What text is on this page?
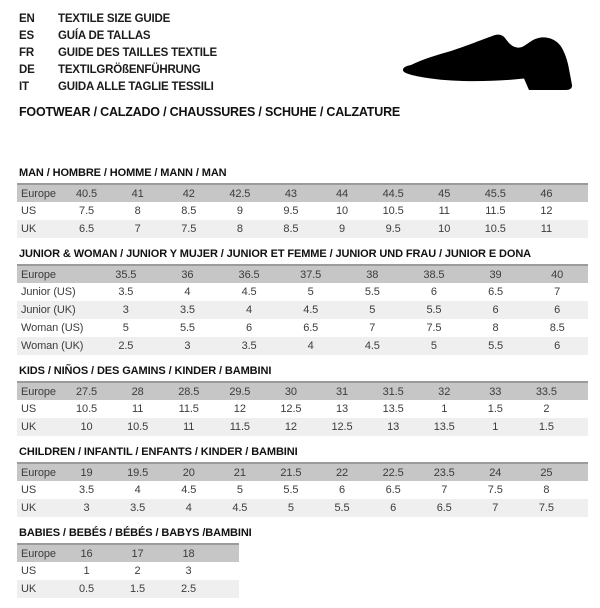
EN	TEXTILE SIZE GUIDE
ES	GUÍA DE TALLAS
FR	GUIDE DES TAILLES TEXTILE
DE	TEXTILGRÖßENFÜHRUNG
IT	GUIDA ALLE TAGLIE TESSILI
FOOTWEAR / CALZADO / CHAUSSURES / SCHUHE / CALZATURE
MAN / HOMBRE / HOMME / MANN / MAN
Europe	40.5	41	42	42.5	43	44	44.5	45	45.5	46	
US	7.5	8	8.5	9	9.5	10	10.5	11	11.5	12	
UK	6.5	7	7.5	8	8.5	9	9.5	10	10.5	11	
JUNIOR & WOMAN / JUNIOR Y MUJER / JUNIOR ET FEMME / JUNIOR UND FRAU / JUNIOR E DONA
Europe	35.5	36	36.5	37.5	38	38.5	39	40
Junior (US)	3.5	4	4.5	5	5.5	6	6.5	7
Junior (UK)	3	3.5	4	4.5	5	5.5	6	6
Woman (US)	5	5.5	6	6.5	7	7.5	8	8.5
Woman (UK)	2.5	3	3.5	4	4.5	5	5.5	6
KIDS / NIÑOS / DES GAMINS / KINDER / BAMBINI
Europe	27.5	28	28.5	29.5	30	31	31.5	32	33	33.5	
US	10.5	11	11.5	12	12.5	13	13.5	1	1.5	2	
UK	10	10.5	11	11.5	12	12.5	13	13.5	1	1.5	
CHILDREN / INFANTIL / ENFANTS / KINDER / BAMBINI
Europe	19	19.5	20	21	21.5	22	22.5	23.5	24	25	
US	3.5	4	4.5	5	5.5	6	6.5	7	7.5	8	
UK	3	3.5	4	4.5	5	5.5	6	6.5	7	7.5	
BABIES / BEBÉS / BÉBÉS / BABYS /BAMBINI
Europe	16	17	18	
US	1	2	3	
UK	0.5	1.5	2.5	
